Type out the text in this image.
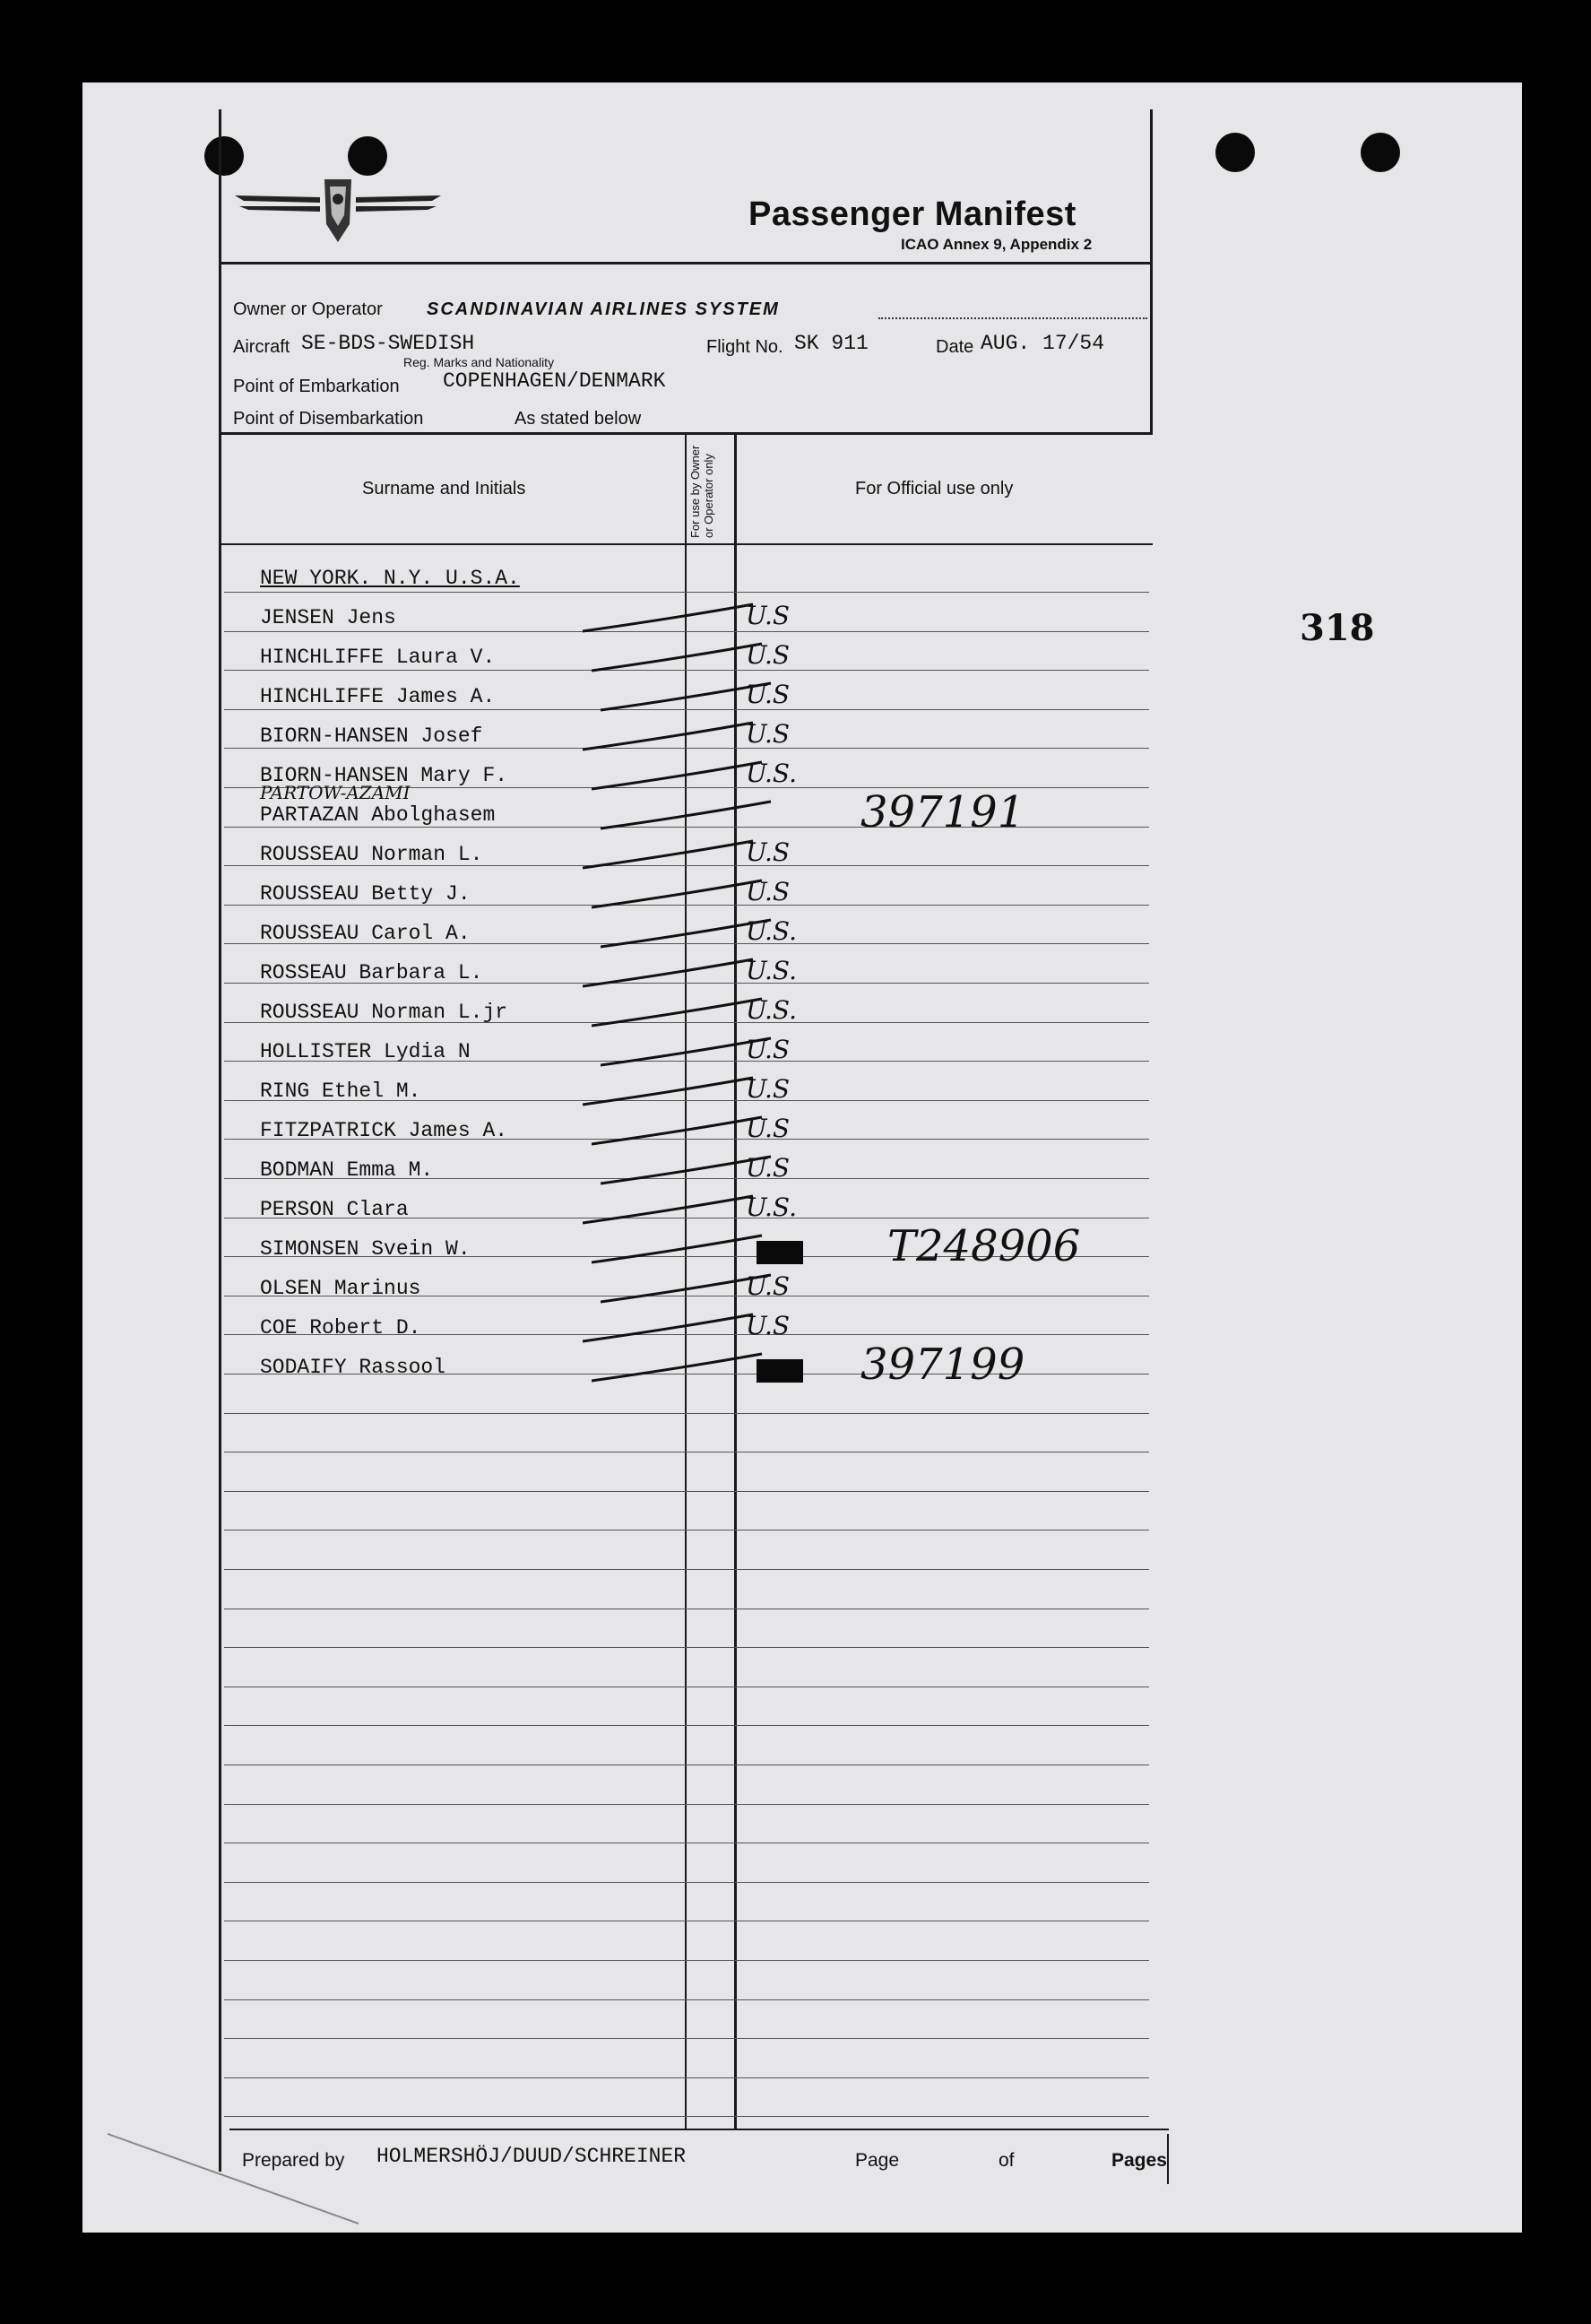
Passenger Manifest
ICAO Annex 9, Appendix 2
Owner or Operator SCANDINAVIAN AIRLINES SYSTEM
Aircraft SE-BDS-SWEDISH
Reg. Marks and Nationality
Flight No. SK 911	Date AUG. 17/54
Point of Embarkation COPENHAGEN/DENMARK
Point of Disembarkation	As stated below
Surname and Initials	For use by Owner or Operator only	For Official use only
NEW YORK. N.Y. U.S.A.
JENSEN Jens	U.S
HINCHLIFFE Laura V.	U.S
HINCHLIFFE James A.	U.S
BIORN-HANSEN Josef	U.S
BIORN-HANSEN Mary F.	U.S.
PARTAZAN Abolghasem	397191
ROUSSEAU Norman L.	U.S
ROUSSEAU Betty J.	U.S
ROUSSEAU Carol A.	U.S.
ROSSEAU Barbara L.	U.S.
ROUSSEAU Norman L.jr	U.S.
HOLLISTER Lydia N	U.S
RING Ethel M.	U.S
FITZPATRICK James A.	U.S
BODMAN Emma M.	U.S
PERSON Clara	U.S.
SIMONSEN Svein W.	T248906
OLSEN Marinus	U.S
COE Robert D.	U.S
SODAIFY Rassool	397199
PARTOW-AZAMI
318
Prepared by HOLMERSHÖJ/DUUD/SCHREINER	Page	of	Pages
